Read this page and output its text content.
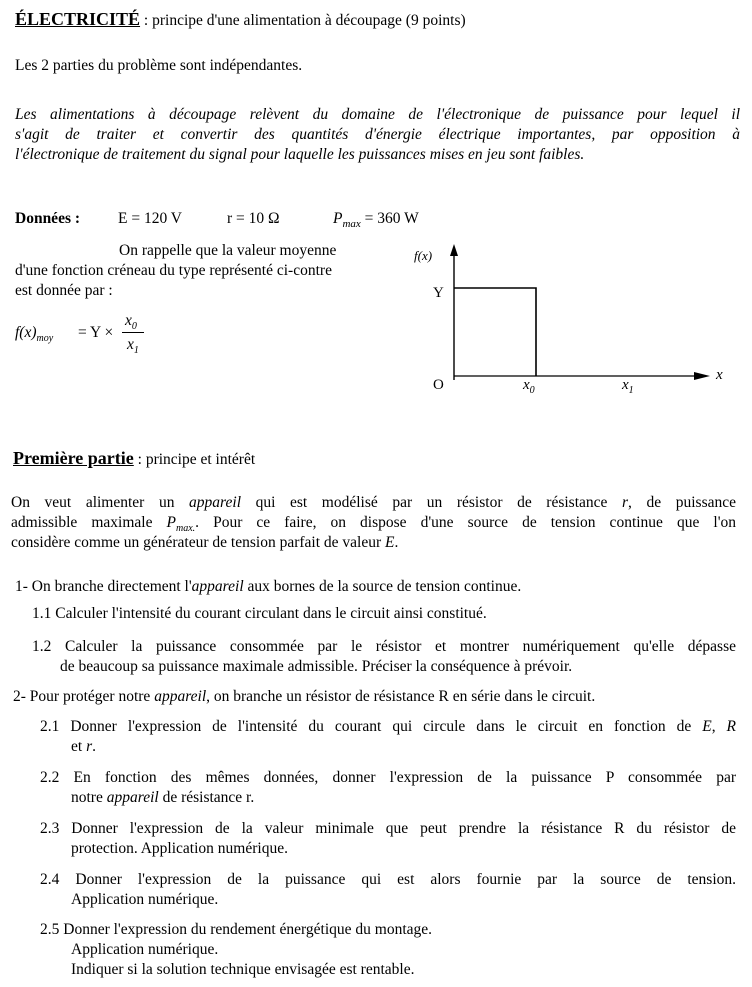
ÉLECTRICITÉ : principe d'une alimentation à découpage (9 points)
Les 2 parties du problème sont indépendantes.
Les alimentations à découpage relèvent du domaine de l'électronique de puissance pour lequel il
s'agit de traiter et convertir des quantités d'énergie électrique importantes, par opposition à
l'électronique de traitement du signal pour laquelle les puissances mises en jeu sont faibles.
Données : E = 120 V	r = 10 Ω	$P_{max} = 360$ W
On rappelle que la valeur moyenne
d'une fonction créneau du type représenté ci-contre
est donnée par :
$f(x)_{moy} = Y$ ×
$x_0$
$x_1$
f(x)
Y
O
x
$x_0$	$x_1$
Première partie : principe et intérêt
On veut alimenter un appareil qui est modélisé par un résistor de résistance r, de puissance
admissible maximale $P_{max.}$. Pour ce faire, on dispose d'une source de tension continue que l'on
considère comme un générateur de tension parfait de valeur E.
1- On branche directement l'appareil aux bornes de la source de tension continue.
1.1 Calculer l'intensité du courant circulant dans le circuit ainsi constitué.
1.2 Calculer la puissance consommée par le résistor et montrer numériquement qu'elle dépasse
de beaucoup sa puissance maximale admissible. Préciser la conséquence à prévoir.
2- Pour protéger notre appareil, on branche un résistor de résistance R en série dans le circuit.
2.1 Donner l'expression de l'intensité du courant qui circule dans le circuit en fonction de E, R
et r.
2.2 En fonction des mêmes données, donner l'expression de la puissance P consommée par
notre appareil de résistance r.
2.3 Donner l'expression de la valeur minimale que peut prendre la résistance R du résistor de
protection. Application numérique.
2.4 Donner l'expression de la puissance qui est alors fournie par la source de tension.
Application numérique.
2.5 Donner l'expression du rendement énergétique du montage.
Application numérique.
Indiquer si la solution technique envisagée est rentable.
